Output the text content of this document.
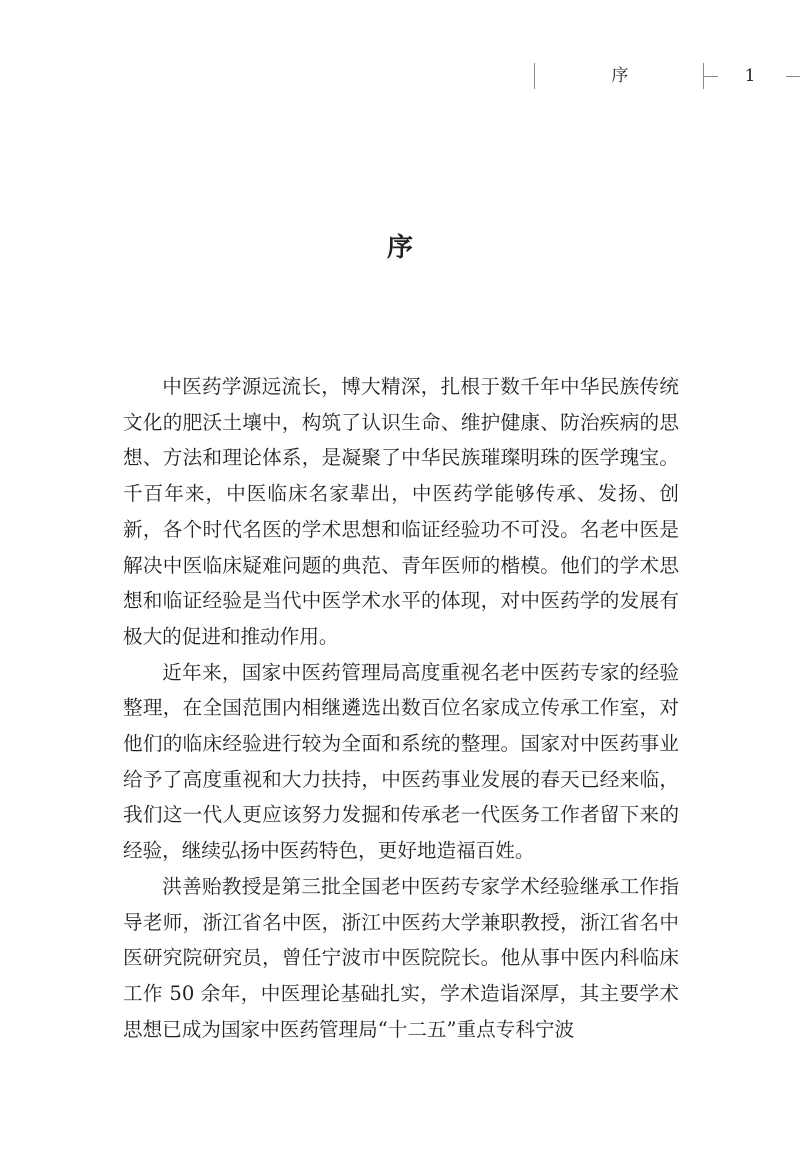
序	1
序

中医药学源远流长，博大精深，扎根于数千年中华民族传统文化的肥沃土壤中，构筑了认识生命、维护健康、防治疾病的思想、方法和理论体系，是凝聚了中华民族璀璨明珠的医学瑰宝。千百年来，中医临床名家辈出，中医药学能够传承、发扬、创新，各个时代名医的学术思想和临证经验功不可没。名老中医是解决中医临床疑难问题的典范、青年医师的楷模。他们的学术思想和临证经验是当代中医学术水平的体现，对中医药学的发展有极大的促进和推动作用。

近年来，国家中医药管理局高度重视名老中医药专家的经验整理，在全国范围内相继遴选出数百位名家成立传承工作室，对他们的临床经验进行较为全面和系统的整理。国家对中医药事业给予了高度重视和大力扶持，中医药事业发展的春天已经来临，我们这一代人更应该努力发掘和传承老一代医务工作者留下来的经验，继续弘扬中医药特色，更好地造福百姓。

洪善贻教授是第三批全国老中医药专家学术经验继承工作指导老师，浙江省名中医，浙江中医药大学兼职教授，浙江省名中医研究院研究员，曾任宁波市中医院院长。他从事中医内科临床工作 50 余年，中医理论基础扎实，学术造诣深厚，其主要学术思想已成为国家中医药管理局“十二五”重点专科宁波
